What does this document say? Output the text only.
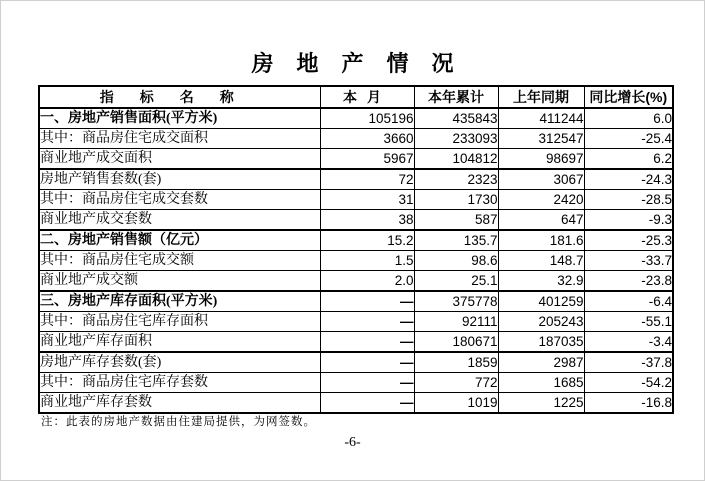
房地产情况
指标名称	本月	本年累计	上年同期	同比增长(%)
一、房地产销售面积(平方米)	105196	435843	411244	6.0
其中：商品房住宅成交面积	3660	233093	312547	-25.4
商业地产成交面积	5967	104812	98697	6.2
房地产销售套数(套)	72	2323	3067	-24.3
其中：商品房住宅成交套数	31	1730	2420	-28.5
商业地产成交套数	38	587	647	-9.3
二、房地产销售额（亿元）	15.2	135.7	181.6	-25.3
其中：商品房住宅成交额	1.5	98.6	148.7	-33.7
商业地产成交额	2.0	25.1	32.9	-23.8
三、房地产库存面积(平方米)	—	375778	401259	-6.4
其中：商品房住宅库存面积	—	92111	205243	-55.1
商业地产库存面积	—	180671	187035	-3.4
房地产库存套数(套)	—	1859	2987	-37.8
其中：商品房住宅库存套数	—	772	1685	-54.2
商业地产库存套数	—	1019	1225	-16.8
注：此表的房地产数据由住建局提供，为网签数。
-6-
